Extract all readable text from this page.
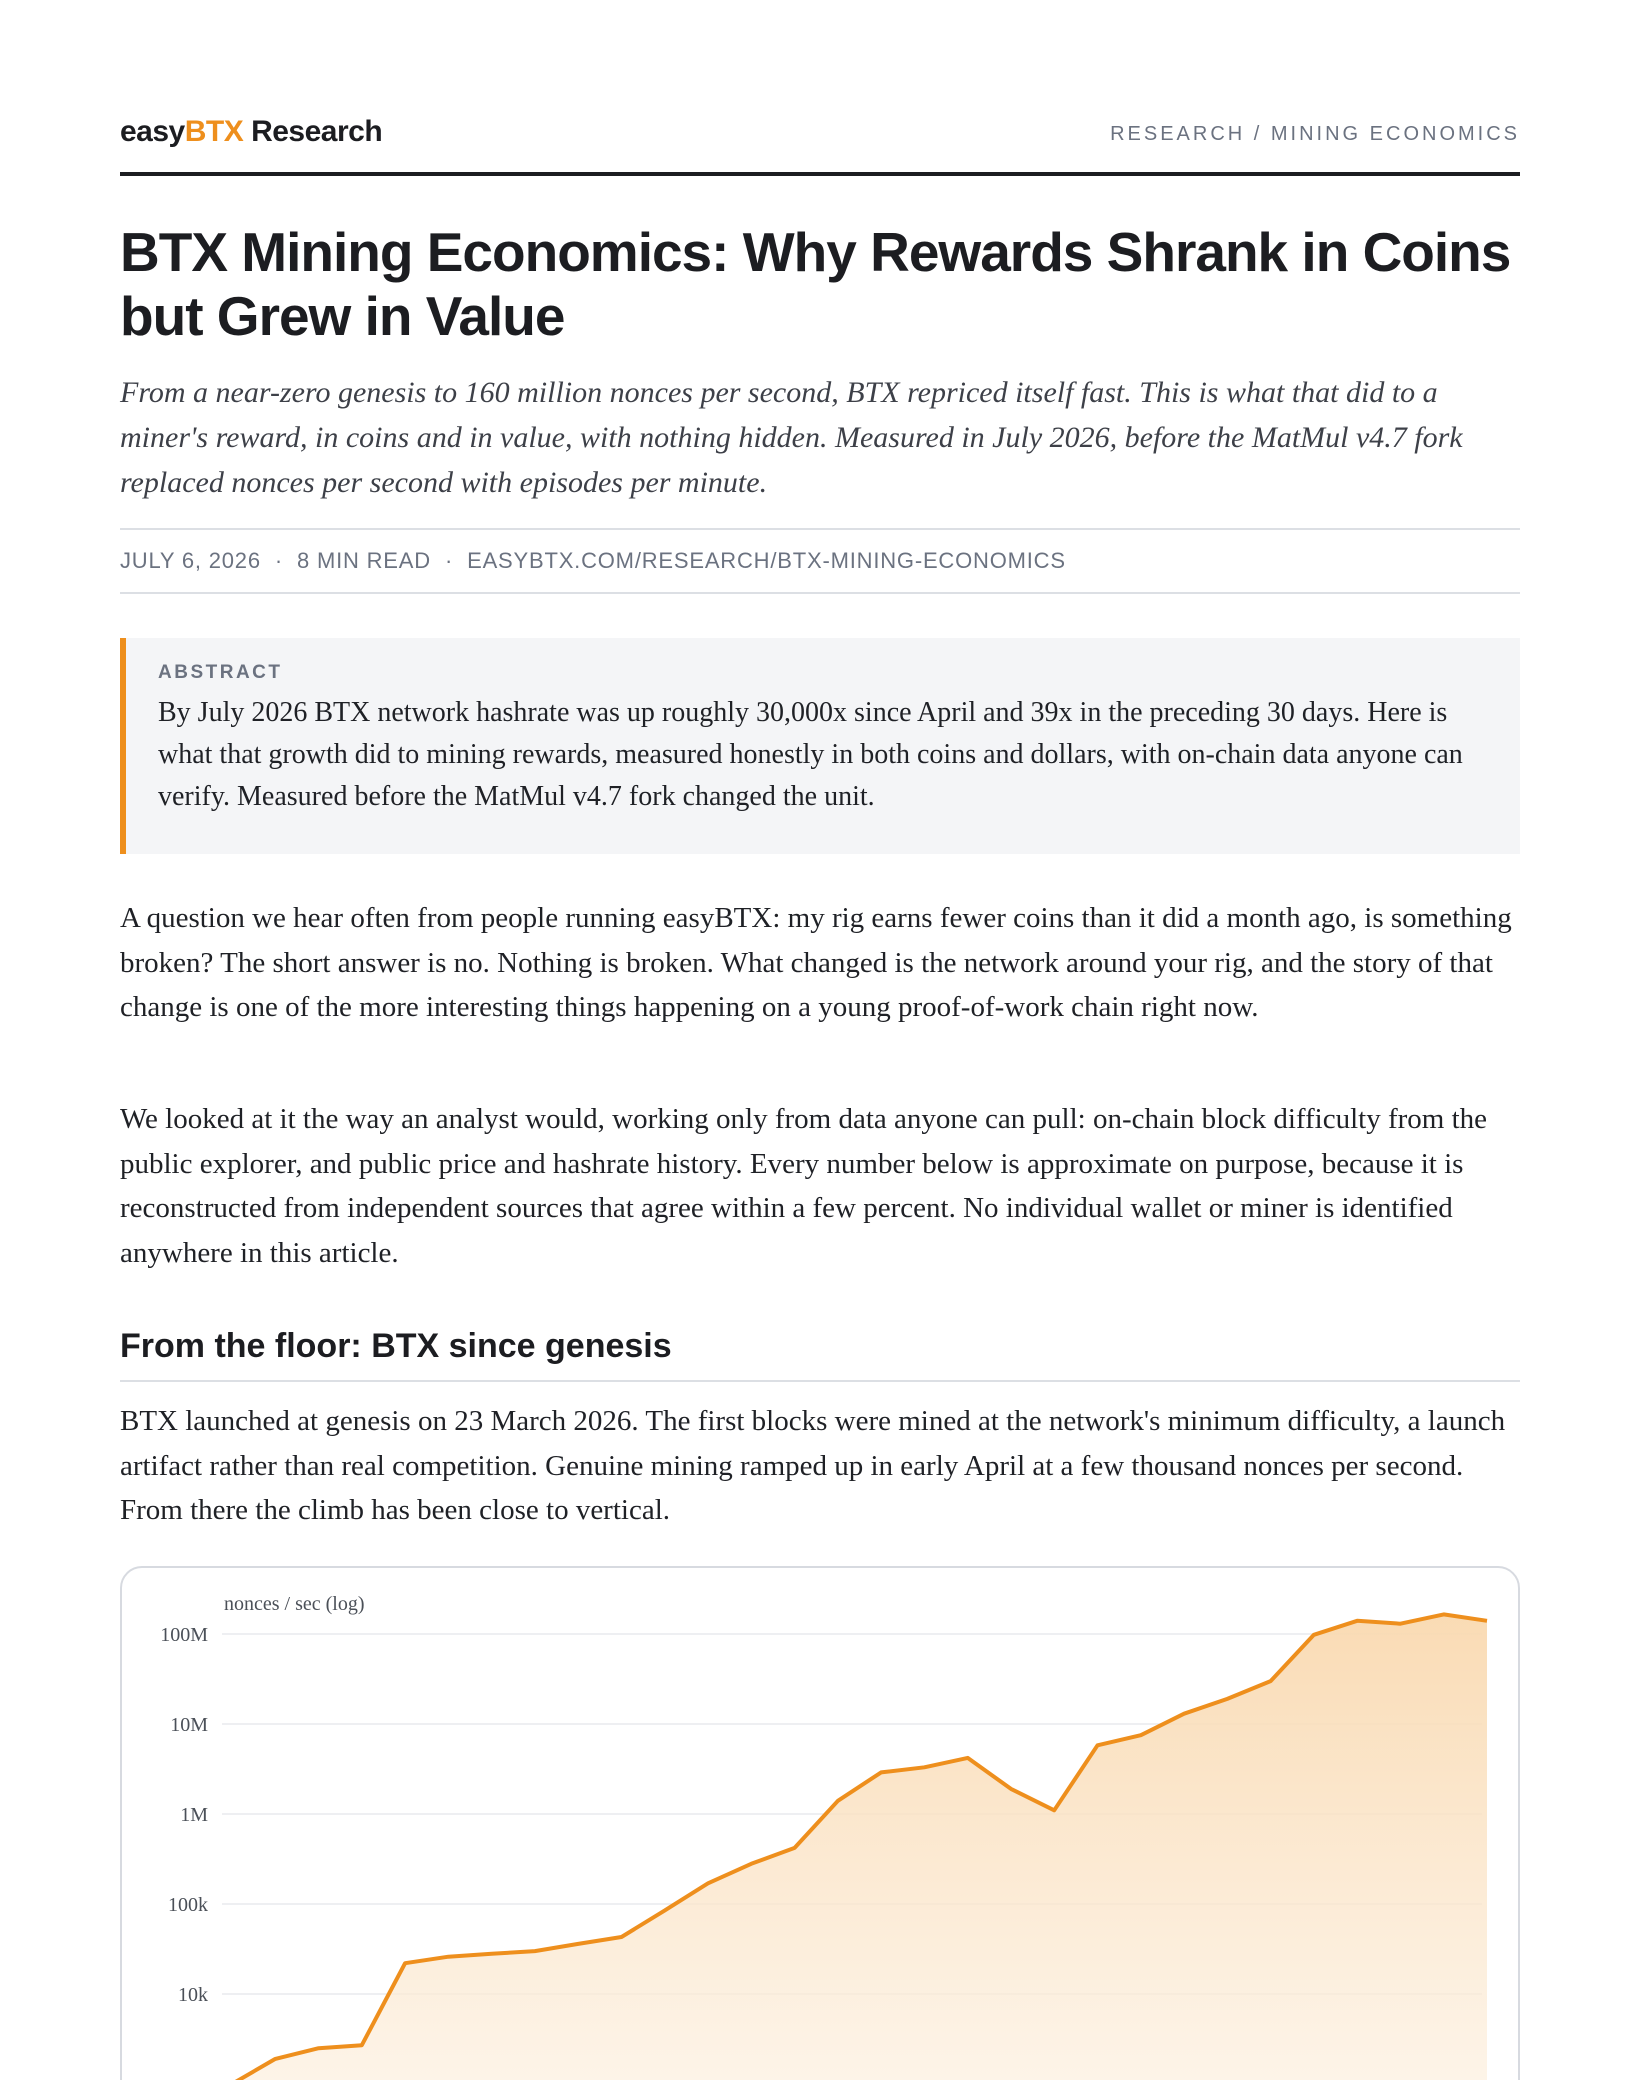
easyBTX Research	RESEARCH / MINING ECONOMICS
BTX Mining Economics: Why Rewards Shrank in Coins but Grew in Value

From a near-zero genesis to 160 million nonces per second, BTX repriced itself fast. This is what that did to a miner's reward, in coins and in value, with nothing hidden. Measured in July 2026, before the MatMul v4.7 fork replaced nonces per second with episodes per minute.

JULY 6, 2026 · 8 MIN READ · EASYBTX.COM/RESEARCH/BTX-MINING-ECONOMICS
ABSTRACT
By July 2026 BTX network hashrate was up roughly 30,000x since April and 39x in the preceding 30 days. Here is what that growth did to mining rewards, measured honestly in both coins and dollars, with on-chain data anyone can verify. Measured before the MatMul v4.7 fork changed the unit.

A question we hear often from people running easyBTX: my rig earns fewer coins than it did a month ago, is something broken? The short answer is no. Nothing is broken. What changed is the network around your rig, and the story of that change is one of the more interesting things happening on a young proof-of-work chain right now.

We looked at it the way an analyst would, working only from data anyone can pull: on-chain block difficulty from the public explorer, and public price and hashrate history. Every number below is approximate on purpose, because it is reconstructed from independent sources that agree within a few percent. No individual wallet or miner is identified anywhere in this article.

From the floor: BTX since genesis

BTX launched at genesis on 23 March 2026. The first blocks were mined at the network's minimum difficulty, a launch artifact rather than real competition. Genuine mining ramped up in early April at a few thousand nonces per second. From there the climb has been close to vertical.

nonces / sec (log)
100M
10M
1M
100k
10k
